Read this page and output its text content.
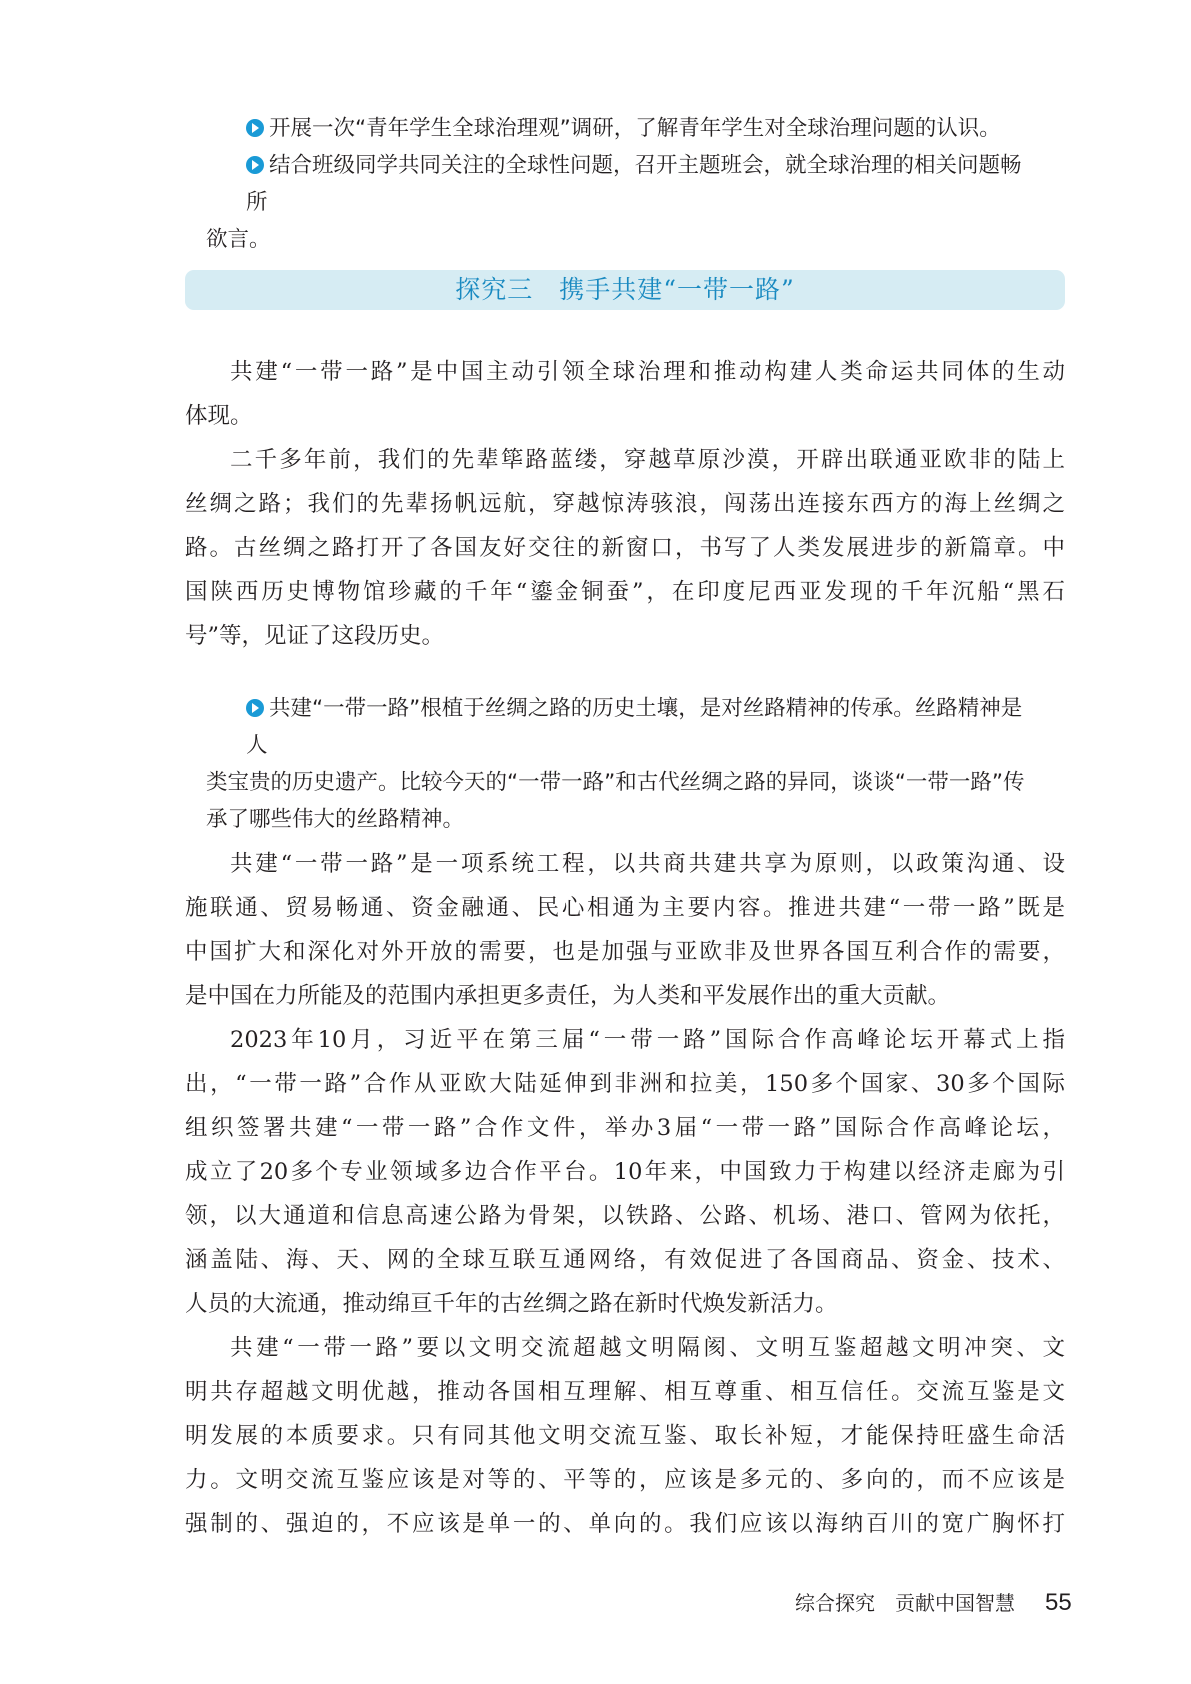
开展一次“青年学生全球治理观”调研，了解青年学生对全球治理问题的认识。
结合班级同学共同关注的全球性问题，召开主题班会，就全球治理的相关问题畅所
欲言。
探究三　携手共建“一带一路”

共建“一带一路”是中国主动引领全球治理和推动构建人类命运共同体的生动
体现。

二千多年前，我们的先辈筚路蓝缕，穿越草原沙漠，开辟出联通亚欧非的陆上
丝绸之路；我们的先辈扬帆远航，穿越惊涛骇浪，闯荡出连接东西方的海上丝绸之
路。古丝绸之路打开了各国友好交往的新窗口，书写了人类发展进步的新篇章。中
国陕西历史博物馆珍藏的千年“鎏金铜蚕”，在印度尼西亚发现的千年沉船“黑石
号”等，见证了这段历史。

共建“一带一路”根植于丝绸之路的历史土壤，是对丝路精神的传承。丝路精神是人
类宝贵的历史遗产。比较今天的“一带一路”和古代丝绸之路的异同，谈谈“一带一路”传
承了哪些伟大的丝路精神。

共建“一带一路”是一项系统工程，以共商共建共享为原则，以政策沟通、设
施联通、贸易畅通、资金融通、民心相通为主要内容。推进共建“一带一路”既是
中国扩大和深化对外开放的需要，也是加强与亚欧非及世界各国互利合作的需要，
是中国在力所能及的范围内承担更多责任，为人类和平发展作出的重大贡献。

2023年10月，习近平在第三届“一带一路”国际合作高峰论坛开幕式上指
出，“一带一路”合作从亚欧大陆延伸到非洲和拉美，150多个国家、30多个国际
组织签署共建“一带一路”合作文件，举办3届“一带一路”国际合作高峰论坛，
成立了20多个专业领域多边合作平台。10年来，中国致力于构建以经济走廊为引
领，以大通道和信息高速公路为骨架，以铁路、公路、机场、港口、管网为依托，
涵盖陆、海、天、网的全球互联互通网络，有效促进了各国商品、资金、技术、
人员的大流通，推动绵亘千年的古丝绸之路在新时代焕发新活力。

共建“一带一路”要以文明交流超越文明隔阂、文明互鉴超越文明冲突、文
明共存超越文明优越，推动各国相互理解、相互尊重、相互信任。交流互鉴是文
明发展的本质要求。只有同其他文明交流互鉴、取长补短，才能保持旺盛生命活
力。文明交流互鉴应该是对等的、平等的，应该是多元的、多向的，而不应该是
强制的、强迫的，不应该是单一的、单向的。我们应该以海纳百川的宽广胸怀打

综合探究　贡献中国智慧 55
